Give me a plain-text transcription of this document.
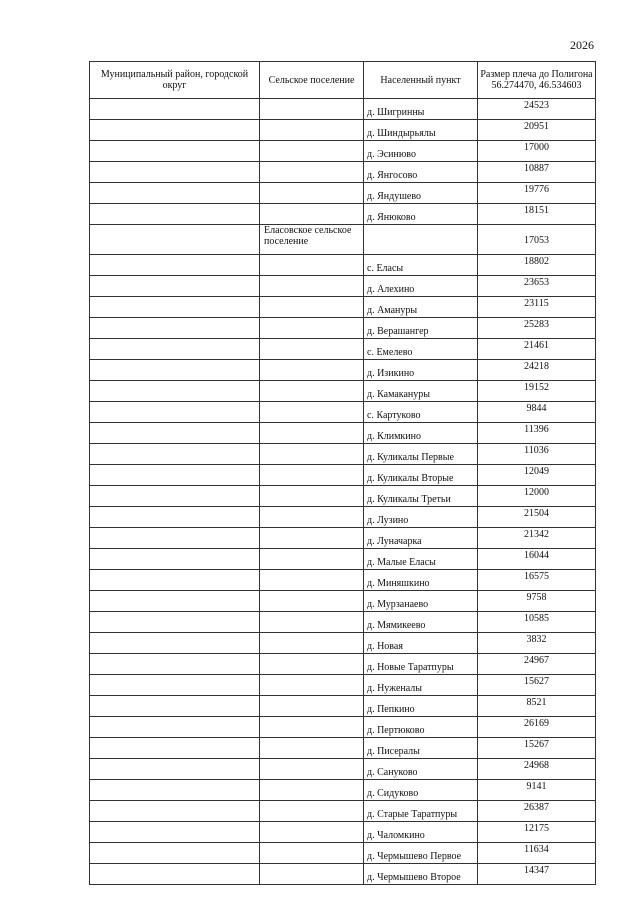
2026
Муниципальный район, городской округ	Сельское поселение	Населенный пункт	Размер плеча до Полигона 56.274470, 46.534603
		д. Шигринны	24523
		д. Шиндырьялы	20951
		д. Эсинюво	17000
		д. Янгосово	10887
		д. Яндушево	19776
		д. Янюково	18151
	Еласовское сельское поселение		17053
		с. Еласы	18802
		д. Алехино	23653
		д. Аманyры	23115
		д. Верашангер	25283
		с. Емелево	21461
		д. Изикино	24218
		д. Камаканyры	19152
		с. Картуково	9844
		д. Климкино	11396
		д. Куликалы Первые	11036
		д. Куликалы Вторые	12049
		д. Куликалы Третьи	12000
		д. Лузино	21504
		д. Луначарка	21342
		д. Малые Еласы	16044
		д. Миняшкино	16575
		д. Мурзанаево	9758
		д. Мямикеево	10585
		д. Новая	3832
		д. Новые Таратпуры	24967
		д. Нуженалы	15627
		д. Пепкино	8521
		д. Пертюково	26169
		д. Писералы	15267
		д. Сануково	24968
		д. Сидуково	9141
		д. Старые Таратпуры	26387
		д. Чаломкино	12175
		д. Чермышево Первое	11634
		д. Чермышево Второе	14347
